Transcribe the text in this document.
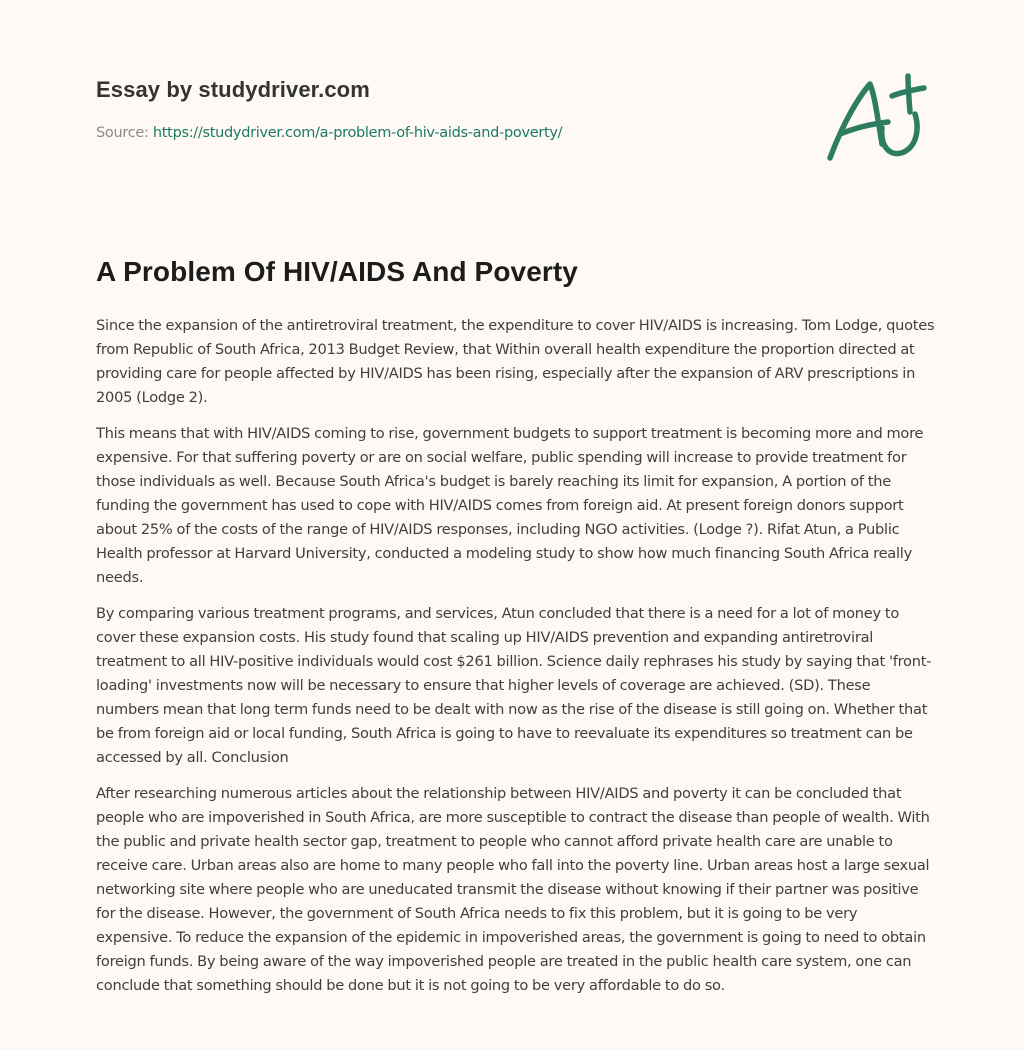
Essay by studydriver.com
Source: https://studydriver.com/a-problem-of-hiv-aids-and-poverty/
A Problem Of HIV/AIDS And Poverty

Since the expansion of the antiretroviral treatment, the expenditure to cover HIV/AIDS is increasing. Tom Lodge, quotes from Republic of South Africa, 2013 Budget Review, that Within overall health expenditure the proportion directed at providing care for people affected by HIV/AIDS has been rising, especially after the expansion of ARV prescriptions in 2005 (Lodge 2).

This means that with HIV/AIDS coming to rise, government budgets to support treatment is becoming more and more expensive. For that suffering poverty or are on social welfare, public spending will increase to provide treatment for those individuals as well. Because South Africa's budget is barely reaching its limit for expansion, A portion of the funding the government has used to cope with HIV/AIDS comes from foreign aid. At present foreign donors support about 25% of the costs of the range of HIV/AIDS responses, including NGO activities. (Lodge ?). Rifat Atun, a Public Health professor at Harvard University, conducted a modeling study to show how much financing South Africa really needs.

By comparing various treatment programs, and services, Atun concluded that there is a need for a lot of money to cover these expansion costs. His study found that scaling up HIV/AIDS prevention and expanding antiretroviral treatment to all HIV-positive individuals would cost $261 billion. Science daily rephrases his study by saying that 'front-loading' investments now will be necessary to ensure that higher levels of coverage are achieved. (SD). These numbers mean that long term funds need to be dealt with now as the rise of the disease is still going on. Whether that be from foreign aid or local funding, South Africa is going to have to reevaluate its expenditures so treatment can be accessed by all. Conclusion

After researching numerous articles about the relationship between HIV/AIDS and poverty it can be concluded that people who are impoverished in South Africa, are more susceptible to contract the disease than people of wealth. With the public and private health sector gap, treatment to people who cannot afford private health care are unable to receive care. Urban areas also are home to many people who fall into the poverty line. Urban areas host a large sexual networking site where people who are uneducated transmit the disease without knowing if their partner was positive for the disease. However, the government of South Africa needs to fix this problem, but it is going to be very expensive. To reduce the expansion of the epidemic in impoverished areas, the government is going to need to obtain foreign funds. By being aware of the way impoverished people are treated in the public health care system, one can conclude that something should be done but it is not going to be very affordable to do so.
